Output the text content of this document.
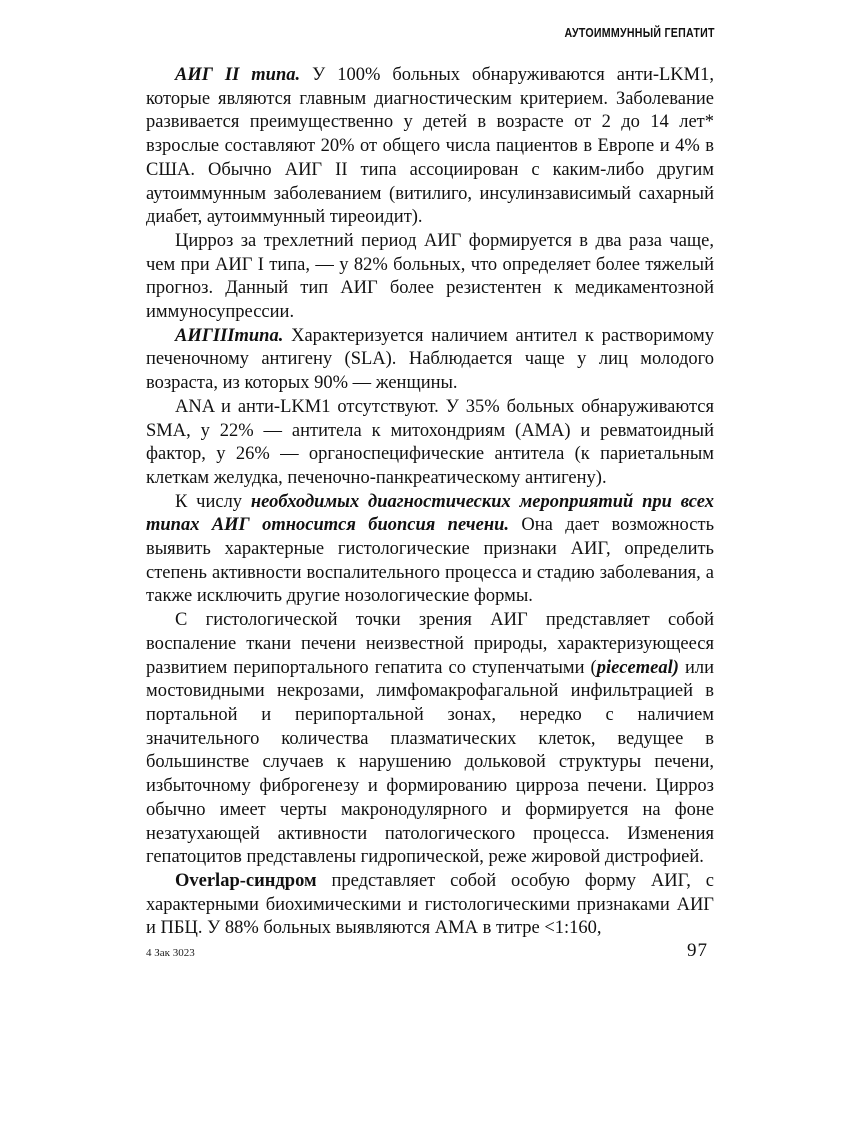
АУТОИММУННЫЙ ГЕПАТИТ

АИГ II типа. У 100% больных обнаруживаются анти-LKM1, которые являются главным диагностическим критерием. Заболевание развивается преимущественно у детей в возрасте от 2 до 14 лет* взрослые составляют 20% от общего числа пациентов в Европе и 4% в США. Обычно АИГ II типа ассоциирован с каким-либо другим аутоиммунным заболеванием (витилиго, инсулинзависимый сахарный диабет, аутоиммунный тиреоидит).

Цирроз за трехлетний период АИГ формируется в два раза чаще, чем при АИГ I типа, — у 82% больных, что определяет более тяжелый прогноз. Данный тип АИГ более резистентен к медикаментозной иммуносупрессии.

АИГIIIтипа. Характеризуется наличием антител к растворимому печеночному антигену (SLA). Наблюдается чаще у лиц молодого возраста, из которых 90% — женщины.

ANA и анти-LKM1 отсутствуют. У 35% больных обнаруживаются SMA, у 22% — антитела к митохондриям (АМА) и ревматоидный фактор, у 26% — органоспецифические антитела (к париетальным клеткам желудка, печеночно-панкреатическому антигену).

К числу необходимых диагностических мероприятий при всех типах АИГ относится биопсия печени. Она дает возможность выявить характерные гистологические признаки АИГ, определить степень активности воспалительного процесса и стадию заболевания, а также исключить другие нозологические формы.

С гистологической точки зрения АИГ представляет собой воспаление ткани печени неизвестной природы, характеризующееся развитием перипортального гепатита со ступенчатыми (piecemeal) или мостовидными некрозами, лимфомакрофагальной инфильтрацией в портальной и перипортальной зонах, нередко с наличием значительного количества плазматических клеток, ведущее в большинстве случаев к нарушению дольковой структуры печени, избыточному фиброгенезу и формированию цирроза печени. Цирроз обычно имеет черты макронодулярного и формируется на фоне незатухающей активности патологического процесса. Изменения гепатоцитов представлены гидропической, реже жировой дистрофией.

Overlap-синдром представляет собой особую форму АИГ, с характерными биохимическими и гистологическими признаками АИГ и ПБЦ. У 88% больных выявляются АМА в титре <1:160,

4 Зак 3023	97
